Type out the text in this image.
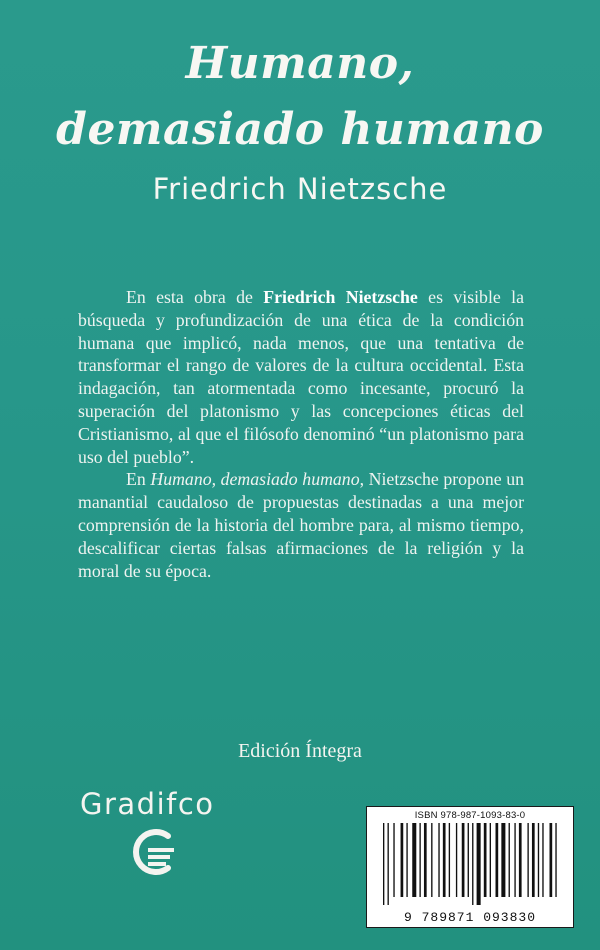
Humano,
demasiado humano
Friedrich Nietzsche

En esta obra de Friedrich Nietzsche es visible la búsqueda y profundización de una ética de la condición humana que implicó, nada menos, que una tentativa de transformar el rango de valores de la cultura occidental. Esta indagación, tan atormentada como incesante, procuró la superación del platonismo y las concepciones éticas del Cristianismo, al que el filósofo denominó “un platonismo para uso del pueblo”.

En Humano, demasiado humano, Nietzsche propone un manantial caudaloso de propuestas destinadas a una mejor comprensión de la historia del hombre para, al mismo tiempo, descalificar ciertas falsas afirmaciones de la religión y la moral de su época.

Edición Íntegra
Gradifco	ISBN 978-987-1093-83-0
9 789871 093830
